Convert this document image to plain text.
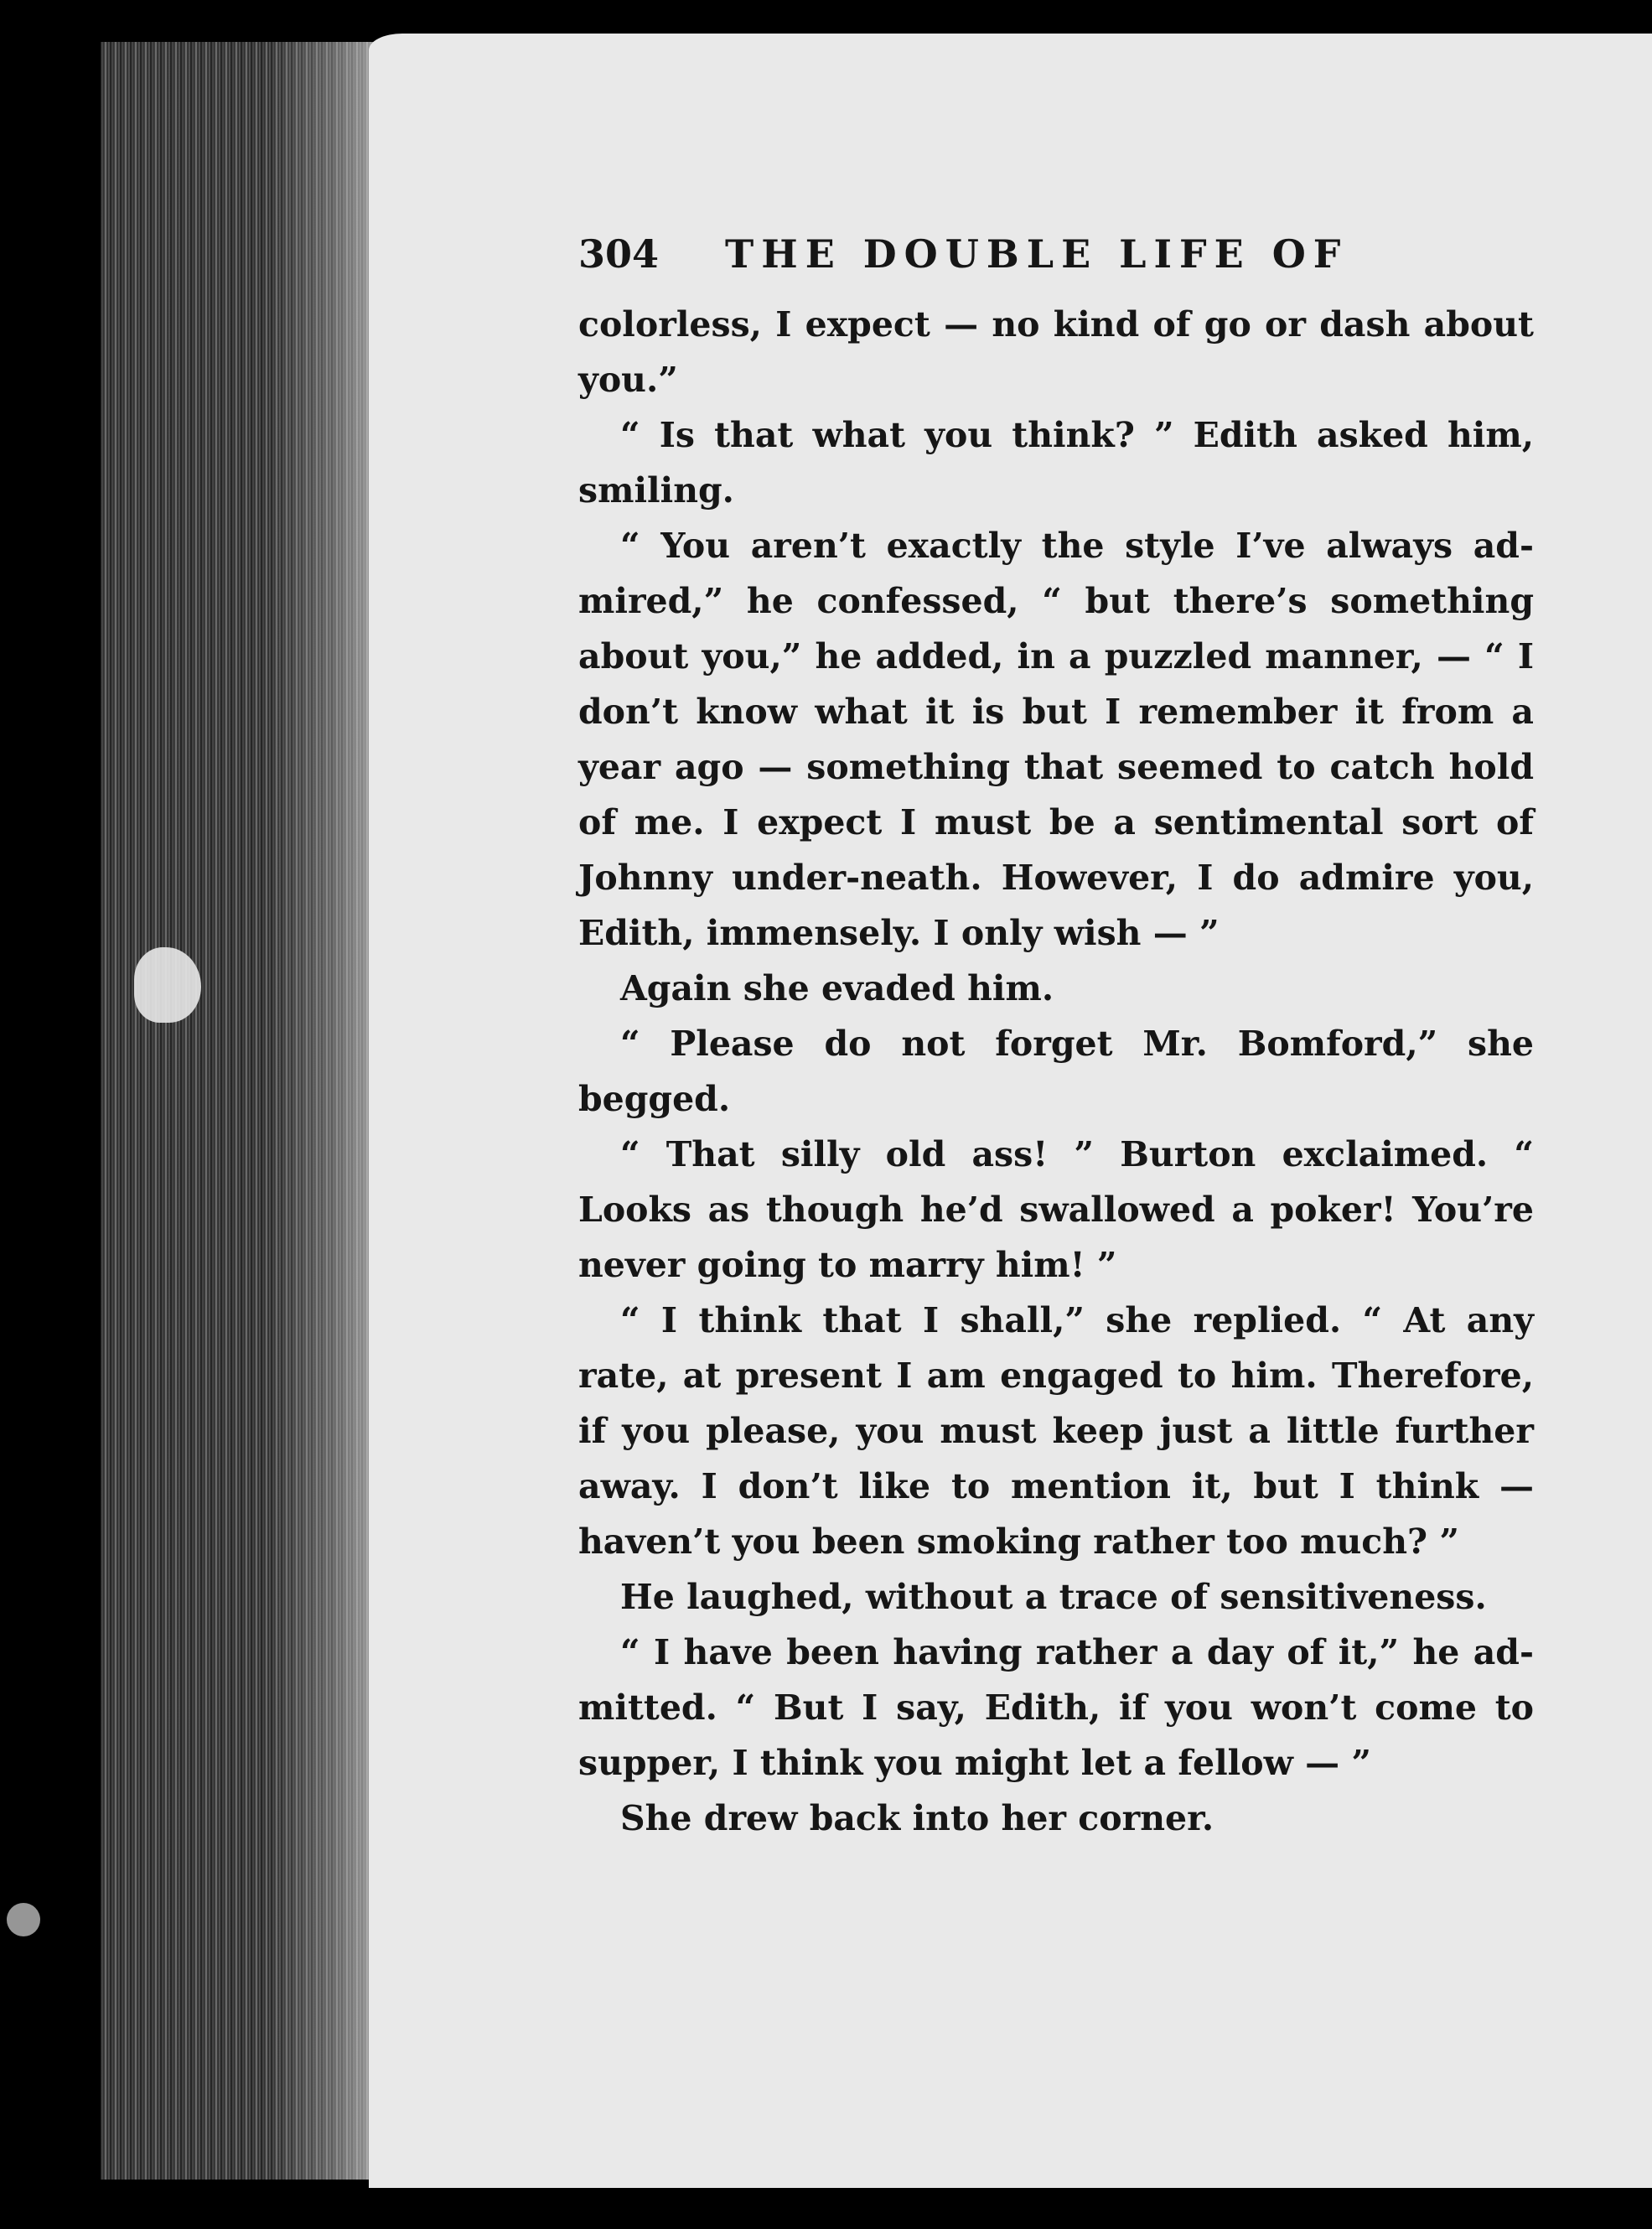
304	THE DOUBLE LIFE OF

colorless, I expect — no kind of go or dash about you.”

“ Is that what you think? ” Edith asked him, smiling.

“ You aren’t exactly the style I’ve always ad-mired,” he confessed, “ but there’s something about you,” he added, in a puzzled manner, — “ I don’t know what it is but I remember it from a year ago — something that seemed to catch hold of me. I expect I must be a sentimental sort of Johnny under-neath. However, I do admire you, Edith, immensely. I only wish — ”

Again she evaded him.

“ Please do not forget Mr. Bomford,” she begged.

“ That silly old ass! ” Burton exclaimed. “ Looks as though he’d swallowed a poker! You’re never going to marry him! ”

“ I think that I shall,” she replied. “ At any rate, at present I am engaged to him. Therefore, if you please, you must keep just a little further away. I don’t like to mention it, but I think — haven’t you been smoking rather too much? ”

He laughed, without a trace of sensitiveness.

“ I have been having rather a day of it,” he ad-mitted. “ But I say, Edith, if you won’t come to supper, I think you might let a fellow — ”

She drew back into her corner.
